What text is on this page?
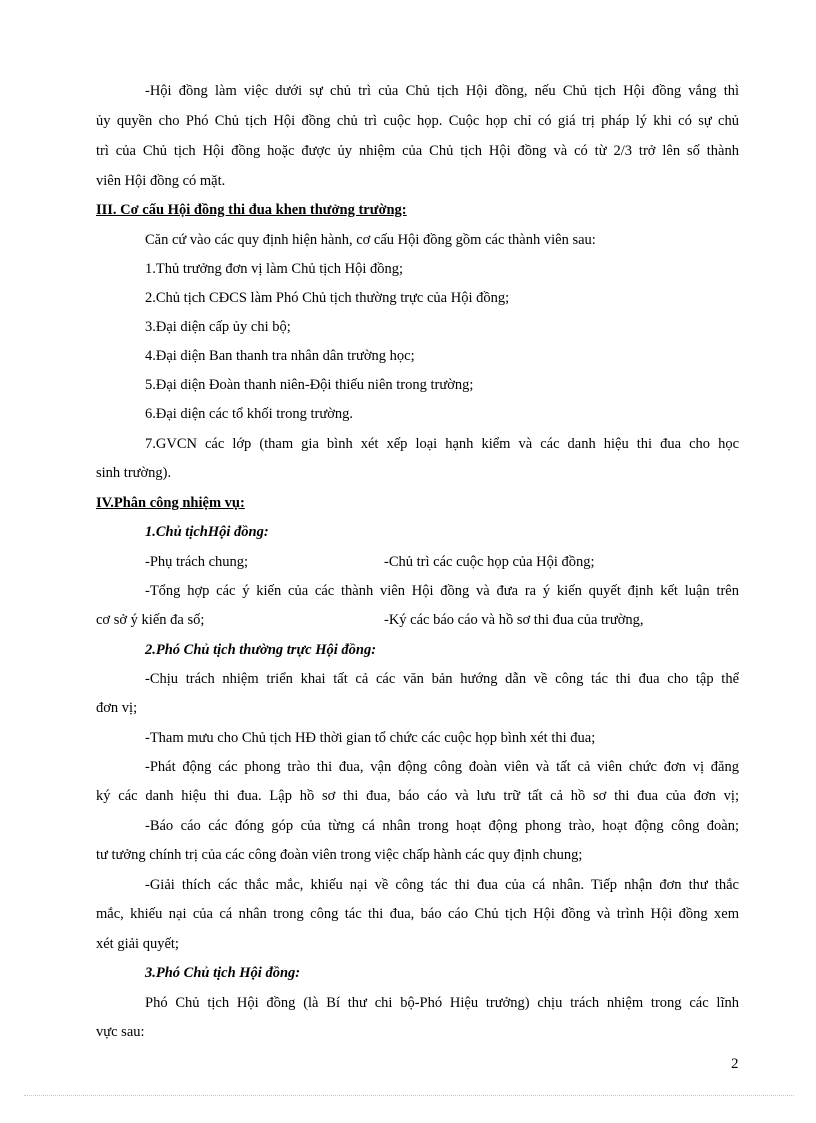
-Hội đồng làm việc dưới sự chủ trì của Chủ tịch Hội đồng, nếu Chủ tịch Hội đồng vắng thì
ủy quyền cho Phó Chủ tịch Hội đồng chủ trì cuộc họp. Cuộc họp chỉ có giá trị pháp lý khi có sự chủ
trì của Chủ tịch Hội đồng hoặc được ủy nhiệm của Chủ tịch Hội đồng và có từ 2/3 trở lên số thành
viên Hội đồng có mặt.
III. Cơ cấu Hội đồng thi đua khen thưởng trường:
Căn cứ vào các quy định hiện hành, cơ cấu Hội đồng gồm các thành viên sau:
1.Thủ trưởng đơn vị làm Chủ tịch Hội đồng;
2.Chủ tịch CĐCS làm Phó Chủ tịch thường trực của Hội đồng;
3.Đại diện cấp ủy chi bộ;
4.Đại diện Ban thanh tra nhân dân trường học;
5.Đại diện Đoàn thanh niên-Đội thiếu niên trong trường;
6.Đại diện các tổ khối trong trường.
7.GVCN các lớp (tham gia bình xét xếp loại hạnh kiểm và các danh hiệu thi đua cho học
sinh trường).
IV.Phân công nhiệm vụ:
1.Chủ tịchHội đồng:
-Phụ trách chung;	-Chủ trì các cuộc họp của Hội đồng;
-Tổng hợp các ý kiến của các thành viên Hội đồng và đưa ra ý kiến quyết định kết luận trên
cơ sở ý kiến đa số;	-Ký các báo cáo và hồ sơ thi đua của trường,
2.Phó Chủ tịch thường trực Hội đồng:
-Chịu trách nhiệm triển khai tất cả các văn bản hướng dẫn về công tác thi đua cho tập thể
đơn vị;
-Tham mưu cho Chủ tịch HĐ thời gian tổ chức các cuộc họp bình xét thi đua;
-Phát động các phong trào thi đua, vận động công đoàn viên và tất cả viên chức đơn vị đăng
ký các danh hiệu thi đua. Lập hồ sơ thi đua, báo cáo và lưu trữ tất cả hồ sơ thi đua của đơn vị;
-Báo cáo các đóng góp của từng cá nhân trong hoạt động phong trào, hoạt động công đoàn;
tư tưởng chính trị của các công đoàn viên trong việc chấp hành các quy định chung;
-Giải thích các thắc mắc, khiếu nại về công tác thi đua của cá nhân. Tiếp nhận đơn thư thắc
mắc, khiếu nại của cá nhân trong công tác thi đua, báo cáo Chủ tịch Hội đồng và trình Hội đồng xem
xét giải quyết;
3.Phó Chủ tịch Hội đồng:
Phó Chủ tịch Hội đồng (là Bí thư chi bộ-Phó Hiệu trưởng) chịu trách nhiệm trong các lĩnh
vực sau:
2
